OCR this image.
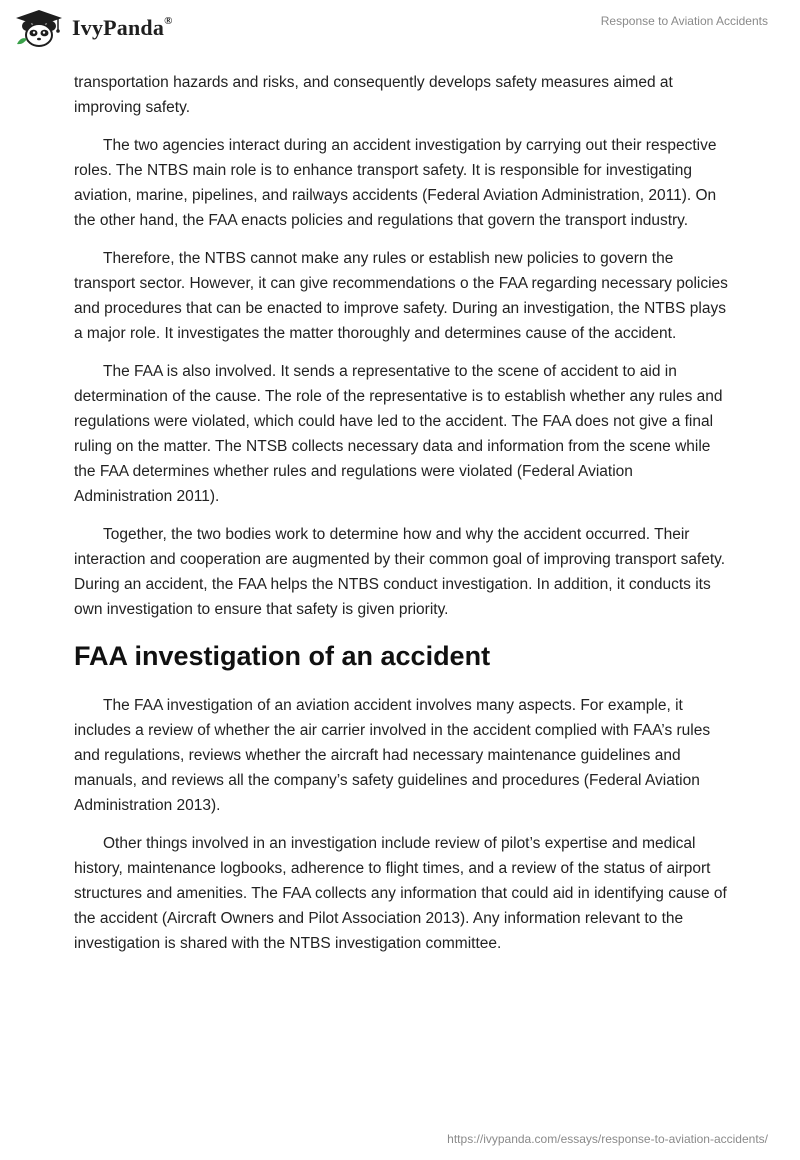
IvyPanda®	Response to Aviation Accidents

transportation hazards and risks, and consequently develops safety measures aimed at improving safety.

The two agencies interact during an accident investigation by carrying out their respective roles. The NTBS main role is to enhance transport safety. It is responsible for investigating aviation, marine, pipelines, and railways accidents (Federal Aviation Administration, 2011). On the other hand, the FAA enacts policies and regulations that govern the transport industry.

Therefore, the NTBS cannot make any rules or establish new policies to govern the transport sector. However, it can give recommendations o the FAA regarding necessary policies and procedures that can be enacted to improve safety. During an investigation, the NTBS plays a major role. It investigates the matter thoroughly and determines cause of the accident.

The FAA is also involved. It sends a representative to the scene of accident to aid in determination of the cause. The role of the representative is to establish whether any rules and regulations were violated, which could have led to the accident. The FAA does not give a final ruling on the matter. The NTSB collects necessary data and information from the scene while the FAA determines whether rules and regulations were violated (Federal Aviation Administration 2011).

Together, the two bodies work to determine how and why the accident occurred. Their interaction and cooperation are augmented by their common goal of improving transport safety. During an accident, the FAA helps the NTBS conduct investigation. In addition, it conducts its own investigation to ensure that safety is given priority.

FAA investigation of an accident

The FAA investigation of an aviation accident involves many aspects. For example, it includes a review of whether the air carrier involved in the accident complied with FAA’s rules and regulations, reviews whether the aircraft had necessary maintenance guidelines and manuals, and reviews all the company’s safety guidelines and procedures (Federal Aviation Administration 2013).

Other things involved in an investigation include review of pilot’s expertise and medical history, maintenance logbooks, adherence to flight times, and a review of the status of airport structures and amenities. The FAA collects any information that could aid in identifying cause of the accident (Aircraft Owners and Pilot Association 2013). Any information relevant to the investigation is shared with the NTBS investigation committee.

https://ivypanda.com/essays/response-to-aviation-accidents/
